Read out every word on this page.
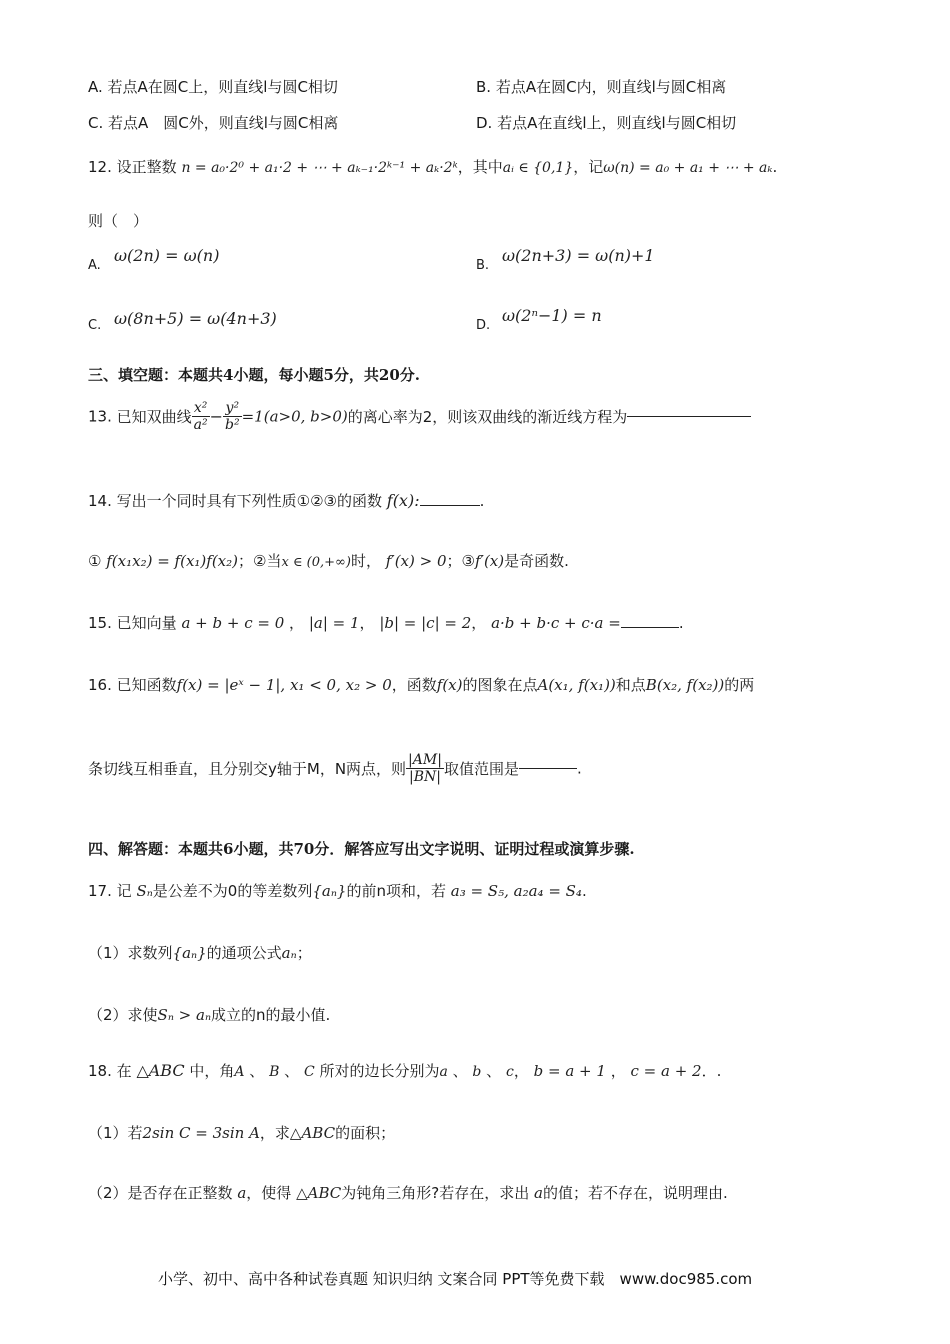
A. 若点A在圆C上，则直线l与圆C相切	B. 若点A在圆C内，则直线l与圆C相离
C. 若点A　圆C外，则直线l与圆C相离	D. 若点A在直线l上，则直线l与圆C相切
12. 设正整数 n = a₀·2⁰ + a₁·2 + ⋯ + aₖ₋₁·2ᵏ⁻¹ + aₖ·2ᵏ，其中aᵢ ∈ {0,1}，记ω(n) = a₀ + a₁ + ⋯ + aₖ.
则（　）
A.
ω(2n) = ω(n)
B.
ω(2n+3) = ω(n)+1
C. ω(8n+5) = ω(4n+3)	D.
ω(2ⁿ−1) = n
三、填空题：本题共4小题，每小题5分，共20分.
13. 已知双曲线 $\frac{\text{x²}}{\text{a²}} - \frac{\text{y²}}{\text{b²}} =1(a>0$, b>0)的离心率为2，则该双曲线的渐近线方程为
14. 写出一个同时具有下列性质①②③的函数 f(x):	.
① f(x₁x₂) = f(x₁)f(x₂)；②当x ∈ (0,+∞)时， f′(x) > 0；③f′(x)是奇函数.
15. 已知向量 a + b + c = 0 ， |a| = 1， |b| = |c| = 2， a·b + b·c + c·a =	.
16. 已知函数f(x) = |eˣ − 1|, x₁ < 0, x₂ > 0，函数f(x)的图象在点A(x₁, f(x₁))和点B(x₂, f(x₂))的两
条切线互相垂直，且分别交y轴于M，N两点，则 $\frac{|AM|}{|BN|}$ 取值范围是	.
四、解答题：本题共6小题，共70分．解答应写出文字说明、证明过程或演算步骤.
17. 记 Sₙ是公差不为0的等差数列{aₙ}的前n项和，若 a₃ = S₅, a₂a₄ = S₄.
（1）求数列{aₙ}的通项公式aₙ；
（2）求使Sₙ > aₙ成立的n的最小值.
18. 在 △ABC 中，角A 、 B 、 C 所对的边长分别为a 、 b 、 c， b = a + 1 ， c = a + 2．.
（1）若2sin C = 3sin A，求△ABC的面积；
（2）是否存在正整数 a，使得 △ABC为钝角三角形?若存在，求出 a的值；若不存在，说明理由.
小学、初中、高中各种试卷真题 知识归纳 文案合同 PPT等免费下载　www.doc985.com
